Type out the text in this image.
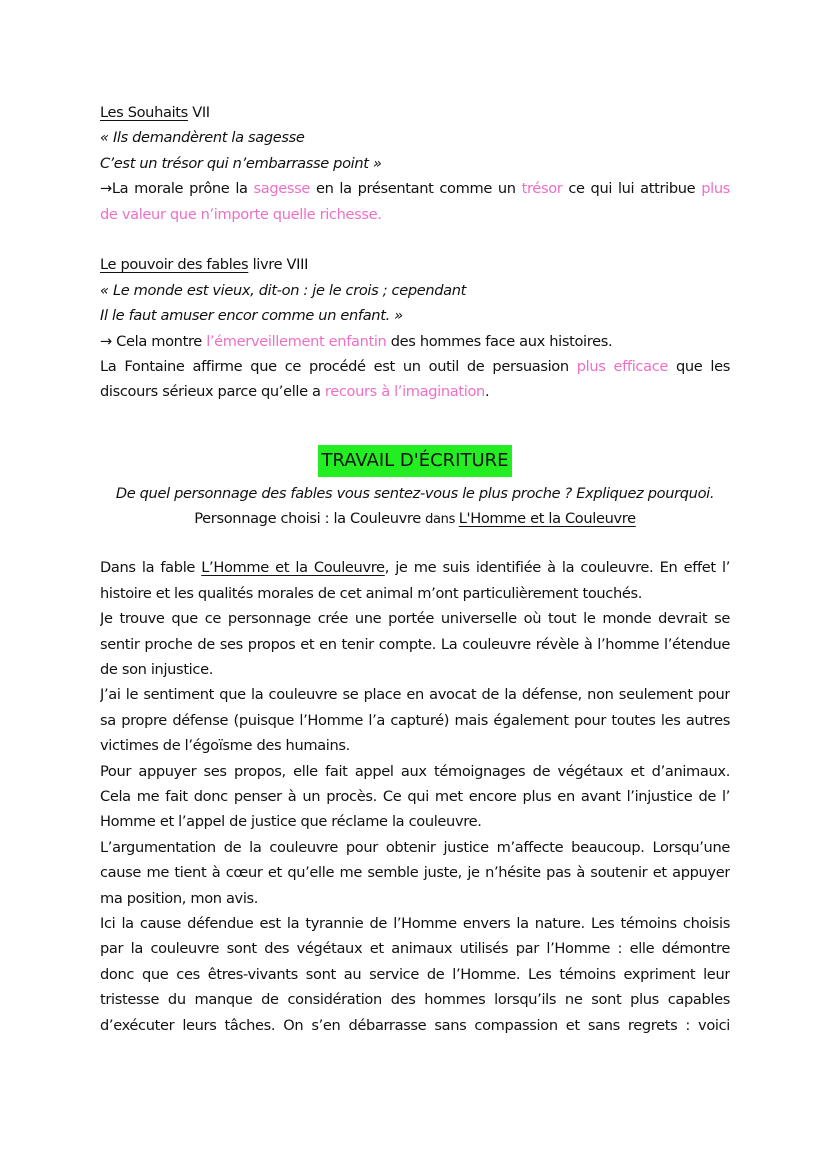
Les Souhaits VII
« Ils demandèrent la sagesse
C’est un trésor qui n’embarrasse point »
→La morale prône la sagesse en la présentant comme un trésor ce qui lui attribue plus
de valeur que n’importe quelle richesse.
Le pouvoir des fables livre VIII
« Le monde est vieux, dit-on : je le crois ; cependant
Il le faut amuser encor comme un enfant. »
→ Cela montre l’émerveillement enfantin des hommes face aux histoires.
La Fontaine affirme que ce procédé est un outil de persuasion plus efficace que les
discours sérieux parce qu’elle a recours à l’imagination.
TRAVAIL D'ÉCRITURE
De quel personnage des fables vous sentez-vous le plus proche ? Expliquez pourquoi.
Personnage choisi : la Couleuvre dans L'Homme et la Couleuvre
Dans la fable L’Homme et la Couleuvre, je me suis identifiée à la couleuvre. En effet l’
histoire et les qualités morales de cet animal m’ont particulièrement touchés.
Je trouve que ce personnage crée une portée universelle où tout le monde devrait se
sentir proche de ses propos et en tenir compte. La couleuvre révèle à l’homme l’étendue
de son injustice.
J’ai le sentiment que la couleuvre se place en avocat de la défense, non seulement pour
sa propre défense (puisque l’Homme l’a capturé) mais également pour toutes les autres
victimes de l’égoïsme des humains.
Pour appuyer ses propos, elle fait appel aux témoignages de végétaux et d’animaux.
Cela me fait donc penser à un procès. Ce qui met encore plus en avant l’injustice de l’
Homme et l’appel de justice que réclame la couleuvre.
L’argumentation de la couleuvre pour obtenir justice m’affecte beaucoup. Lorsqu’une
cause me tient à cœur et qu’elle me semble juste, je n’hésite pas à soutenir et appuyer
ma position, mon avis.
Ici la cause défendue est la tyrannie de l’Homme envers la nature. Les témoins choisis
par la couleuvre sont des végétaux et animaux utilisés par l’Homme : elle démontre
donc que ces êtres-vivants sont au service de l’Homme. Les témoins expriment leur
tristesse du manque de considération des hommes lorsqu’ils ne sont plus capables
d’exécuter leurs tâches. On s’en débarrasse sans compassion et sans regrets : voici
